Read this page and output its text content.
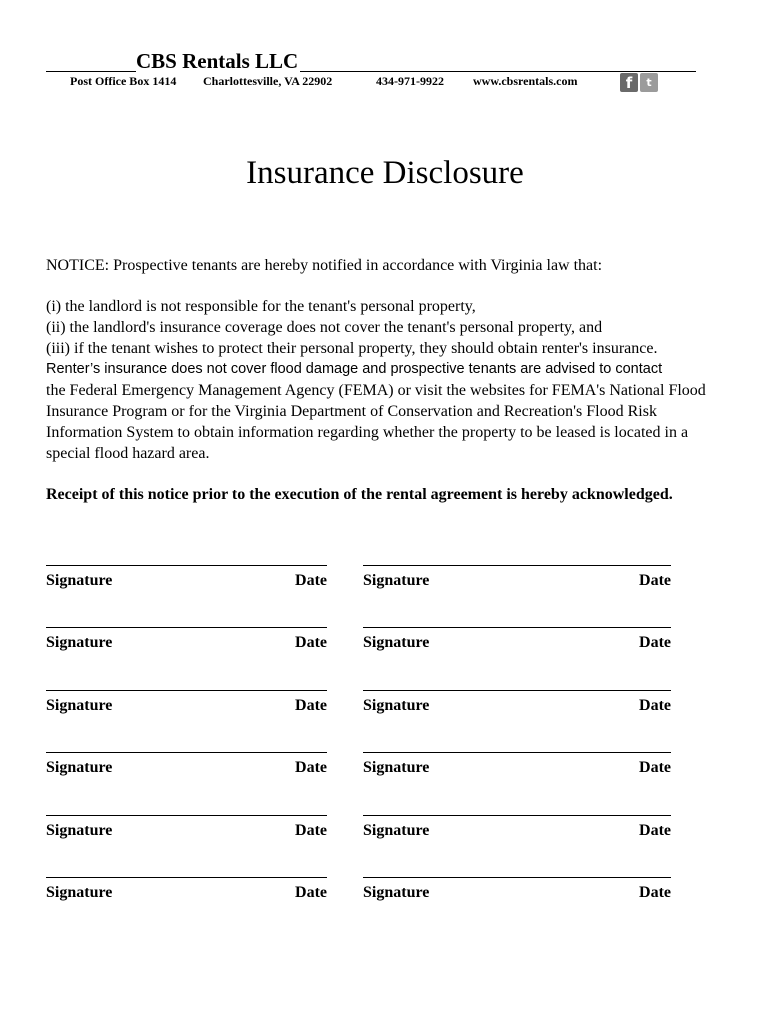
CBS Rentals LLC
Post Office Box 1414 Charlottesville, VA 22902	434-971-9922 www.cbsrentals.com	f	t
Insurance Disclosure
NOTICE: Prospective tenants are hereby notified in accordance with Virginia law that:
(i) the landlord is not responsible for the tenant's personal property,
(ii) the landlord's insurance coverage does not cover the tenant's personal property, and
(iii) if the tenant wishes to protect their personal property, they should obtain renter's insurance.
Renter’s insurance does not cover flood damage and prospective tenants are advised to contact
the Federal Emergency Management Agency (FEMA) or visit the websites for FEMA's National Flood Insurance Program or for the Virginia Department of Conservation and Recreation's Flood Risk Information System to obtain information regarding whether the property to be leased is located in a special flood hazard area.
Receipt of this notice prior to the execution of the rental agreement is hereby acknowledged.
Signature	Date Signature	Date
Signature	Date Signature	Date
Signature	Date Signature	Date
Signature	Date Signature	Date
Signature	Date Signature	Date
Signature	Date Signature	Date
